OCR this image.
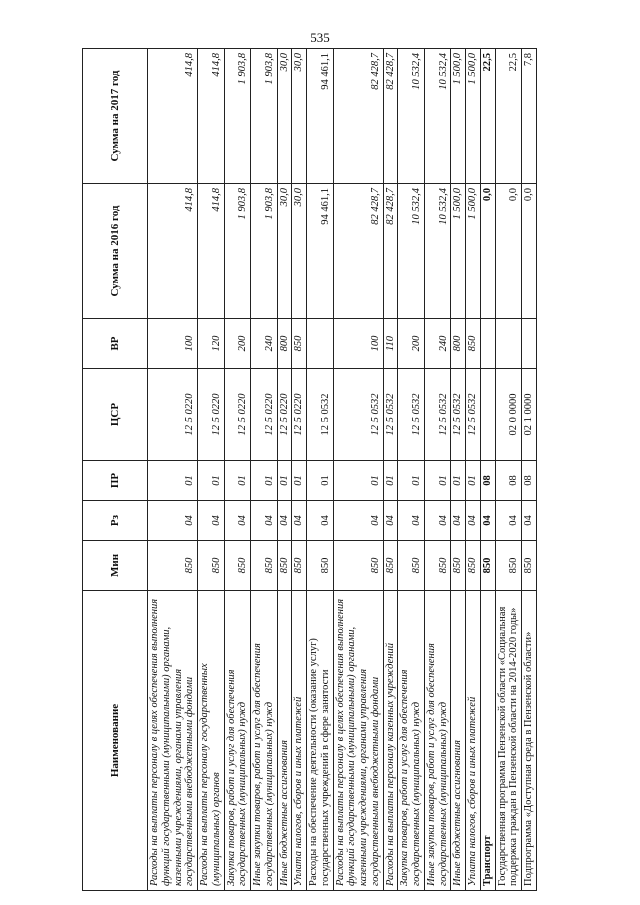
535
Наименование	Мин	Рз	ПР	ЦСР	ВР	Сумма на 2016 год	Сумма на 2017 год
Расходы на выплаты персоналу в целях обеспечения выполнения функций государственными (муниципальными) органами, казенными учреждениями, органами управления государственными внебюджетными фондами	850	04	01	12 5 0220	100	414,8	414,8
Расходы на выплаты персоналу государственных (муниципальных) органов	850	04	01	12 5 0220	120	414,8	414,8
Закупка товаров, работ и услуг для обеспечения государственных (муниципальных) нужд	850	04	01	12 5 0220	200	1 903,8	1 903,8
Иные закупки товаров, работ и услуг для обеспечения государственных (муниципальных) нужд	850	04	01	12 5 0220	240	1 903,8	1 903,8
Иные бюджетные ассигнования	850	04	01	12 5 0220	800	30,0	30,0
Уплата налогов, сборов и иных платежей	850	04	01	12 5 0220	850	30,0	30,0
Расходы на обеспечение деятельности (оказание услуг) государственных учреждений в сфере занятости	850	04	01	12 5 0532		94 461,1	94 461,1
Расходы на выплаты персоналу в целях обеспечения выполнения функций государственными (муниципальными) органами, казенными учреждениями, органами управления государственными внебюджетными фондами	850	04	01	12 5 0532	100	82 428,7	82 428,7
Расходы на выплаты персоналу казенных учреждений	850	04	01	12 5 0532	110	82 428,7	82 428,7
Закупка товаров, работ и услуг для обеспечения государственных (муниципальных) нужд	850	04	01	12 5 0532	200	10 532,4	10 532,4
Иные закупки товаров, работ и услуг для обеспечения государственных (муниципальных) нужд	850	04	01	12 5 0532	240	10 532,4	10 532,4
Иные бюджетные ассигнования	850	04	01	12 5 0532	800	1 500,0	1 500,0
Уплата налогов, сборов и иных платежей	850	04	01	12 5 0532	850	1 500,0	1 500,0
Транспорт	850	04	08			0,0	22,5
Государственная программа Пензенской области «Социальная поддержка граждан в Пензенской области на 2014-2020 годы»	850	04	08	02 0 0000		0,0	22,5
Подпрограмма «Доступная среда в Пензенской области»	850	04	08	02 1 0000		0,0	7,8
